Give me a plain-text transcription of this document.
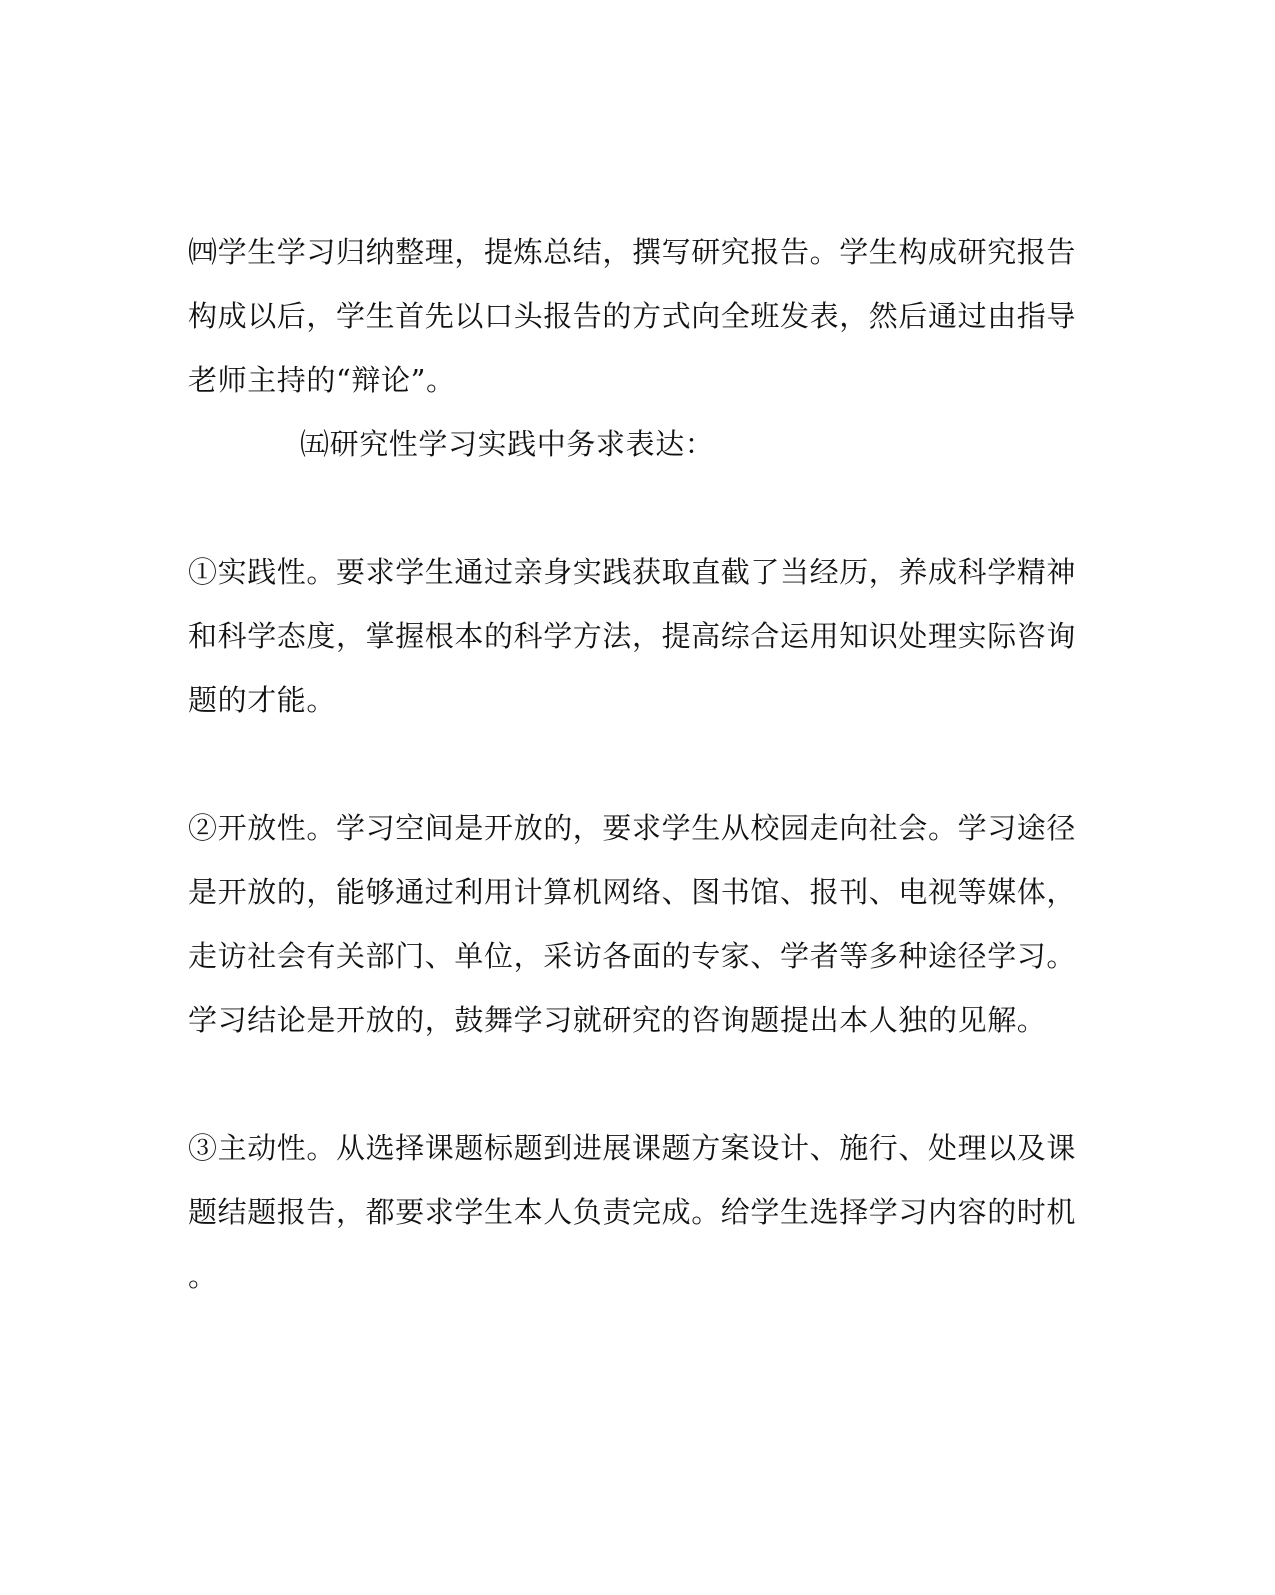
㈣学生学习归纳整理，提炼总结，撰写研究报告。学生构成研究报告
构成以后，学生首先以口头报告的方式向全班发表，然后通过由指导
老师主持的“辩论”。
㈤研究性学习实践中务求表达：
①实践性。要求学生通过亲身实践获取直截了当经历，养成科学精神
和科学态度，掌握根本的科学方法，提高综合运用知识处理实际咨询
题的才能。
②开放性。学习空间是开放的，要求学生从校园走向社会。学习途径
是开放的，能够通过利用计算机网络、图书馆、报刊、电视等媒体，
走访社会有关部门、单位，采访各面的专家、学者等多种途径学习。
学习结论是开放的，鼓舞学习就研究的咨询题提出本人独的见解。
③主动性。从选择课题标题到进展课题方案设计、施行、处理以及课
题结题报告，都要求学生本人负责完成。给学生选择学习内容的时机
。
